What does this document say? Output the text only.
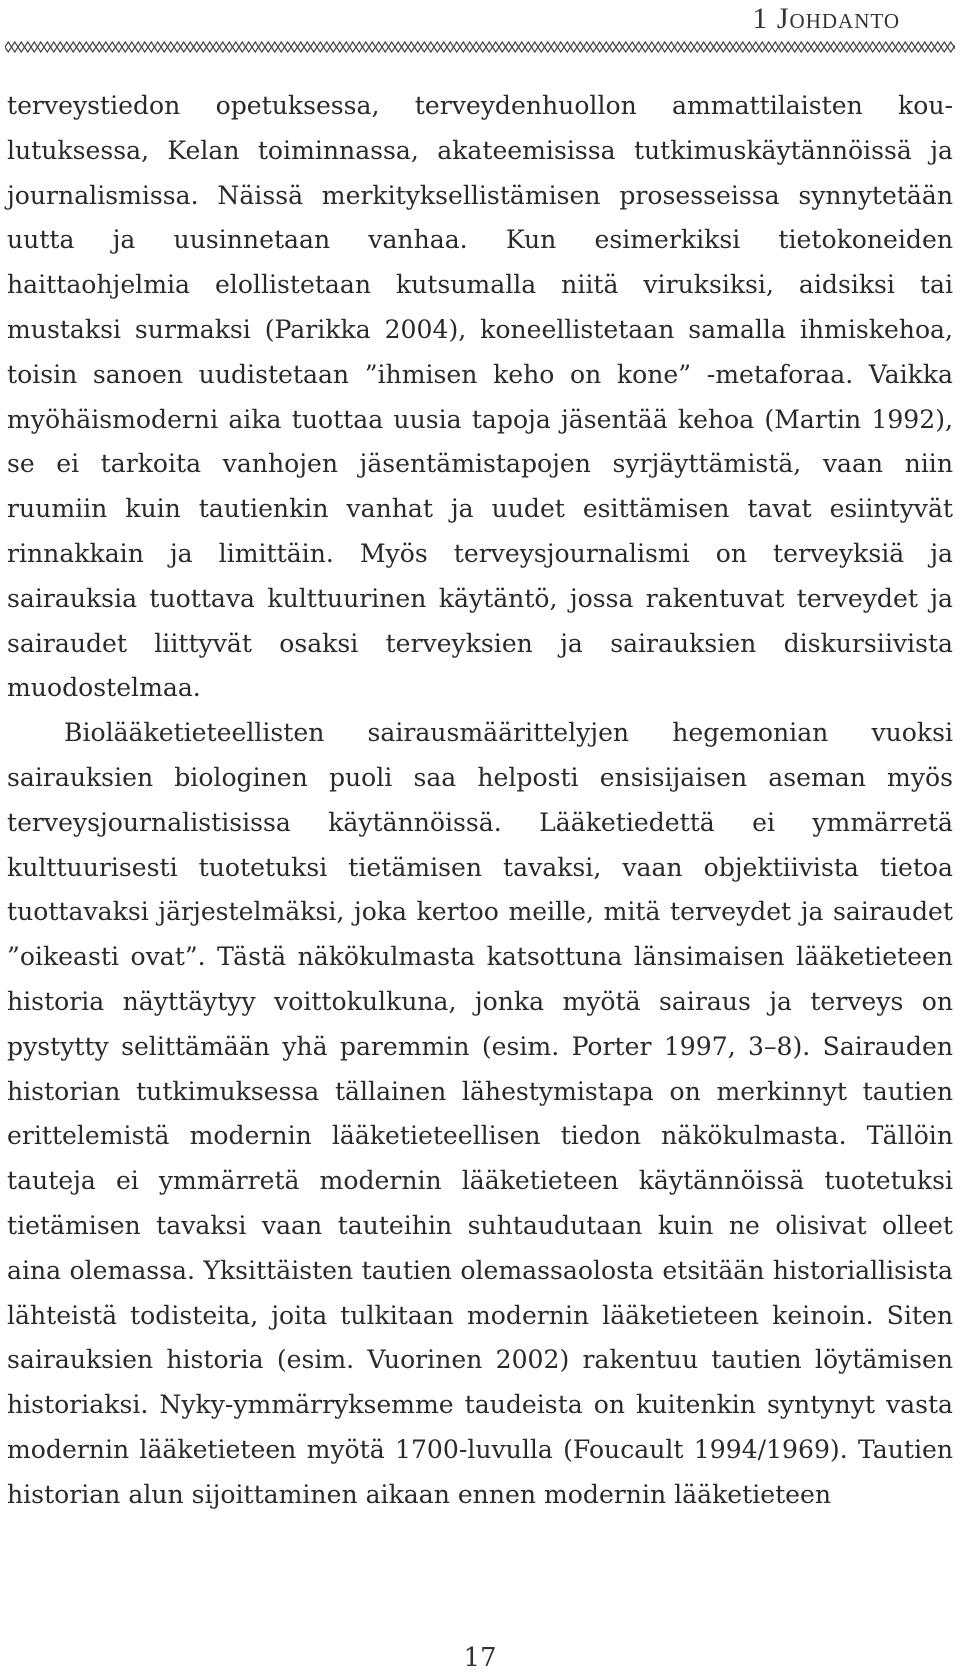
1 Johdanto

terveystiedon opetuksessa, terveydenhuollon ammattilaisten koulutuksessa, Kelan toiminnassa, akateemisissa tutkimuskäytännöissä ja journalismissa. Näissä merkityksellistämisen prosesseissa synnytetään uutta ja uusinnetaan vanhaa. Kun esimerkiksi tietokoneiden haittaohjelmia elollistetaan kutsumalla niitä viruksiksi, aidsiksi tai mustaksi surmaksi (Parikka 2004), koneellistetaan samalla ihmiskehoa, toisin sanoen uudistetaan ”ihmisen keho on kone” -metaforaa. Vaikka myöhäismoderni aika tuottaa uusia tapoja jäsentää kehoa (Martin 1992), se ei tarkoita vanhojen jäsentämistapojen syrjäyttämistä, vaan niin ruumiin kuin tautienkin vanhat ja uudet esittämisen tavat esiintyvät rinnakkain ja limittäin. Myös terveysjournalismi on terveyksiä ja sairauksia tuottava kulttuurinen käytäntö, jossa rakentuvat terveydet ja sairaudet liittyvät osaksi terveyksien ja sairauksien diskursiivista muodostelmaa.

Biolääketieteellisten sairausmäärittelyjen hegemonian vuoksi sairauksien biologinen puoli saa helposti ensisijaisen aseman myös terveysjournalistisissa käytännöissä. Lääketiedettä ei ymmärretä kulttuurisesti tuotetuksi tietämisen tavaksi, vaan objektiivista tietoa tuottavaksi järjestelmäksi, joka kertoo meille, mitä terveydet ja sairaudet ”oikeasti ovat”. Tästä näkökulmasta katsottuna länsimaisen lääketieteen historia näyttäytyy voittokulkuna, jonka myötä sairaus ja terveys on pystytty selittämään yhä paremmin (esim. Porter 1997, 3–8). Sairauden historian tutkimuksessa tällainen lähestymistapa on merkinnyt tautien erittelemistä modernin lääketieteellisen tiedon näkökulmasta. Tällöin tauteja ei ymmärretä modernin lääketieteen käytännöissä tuotetuksi tietämisen tavaksi vaan tauteihin suhtaudutaan kuin ne olisivat olleet aina olemassa. Yksittäisten tautien olemassaolosta etsitään historiallisista lähteistä todisteita, joita tulkitaan modernin lääketieteen keinoin. Siten sairauksien historia (esim. Vuorinen 2002) rakentuu tautien löytämisen historiaksi. Nyky-ymmärryksemme taudeista on kuitenkin syntynyt vasta modernin lääketieteen myötä 1700-luvulla (Foucault 1994/1969). Tautien historian alun sijoittaminen aikaan ennen modernin lääketieteen

17
